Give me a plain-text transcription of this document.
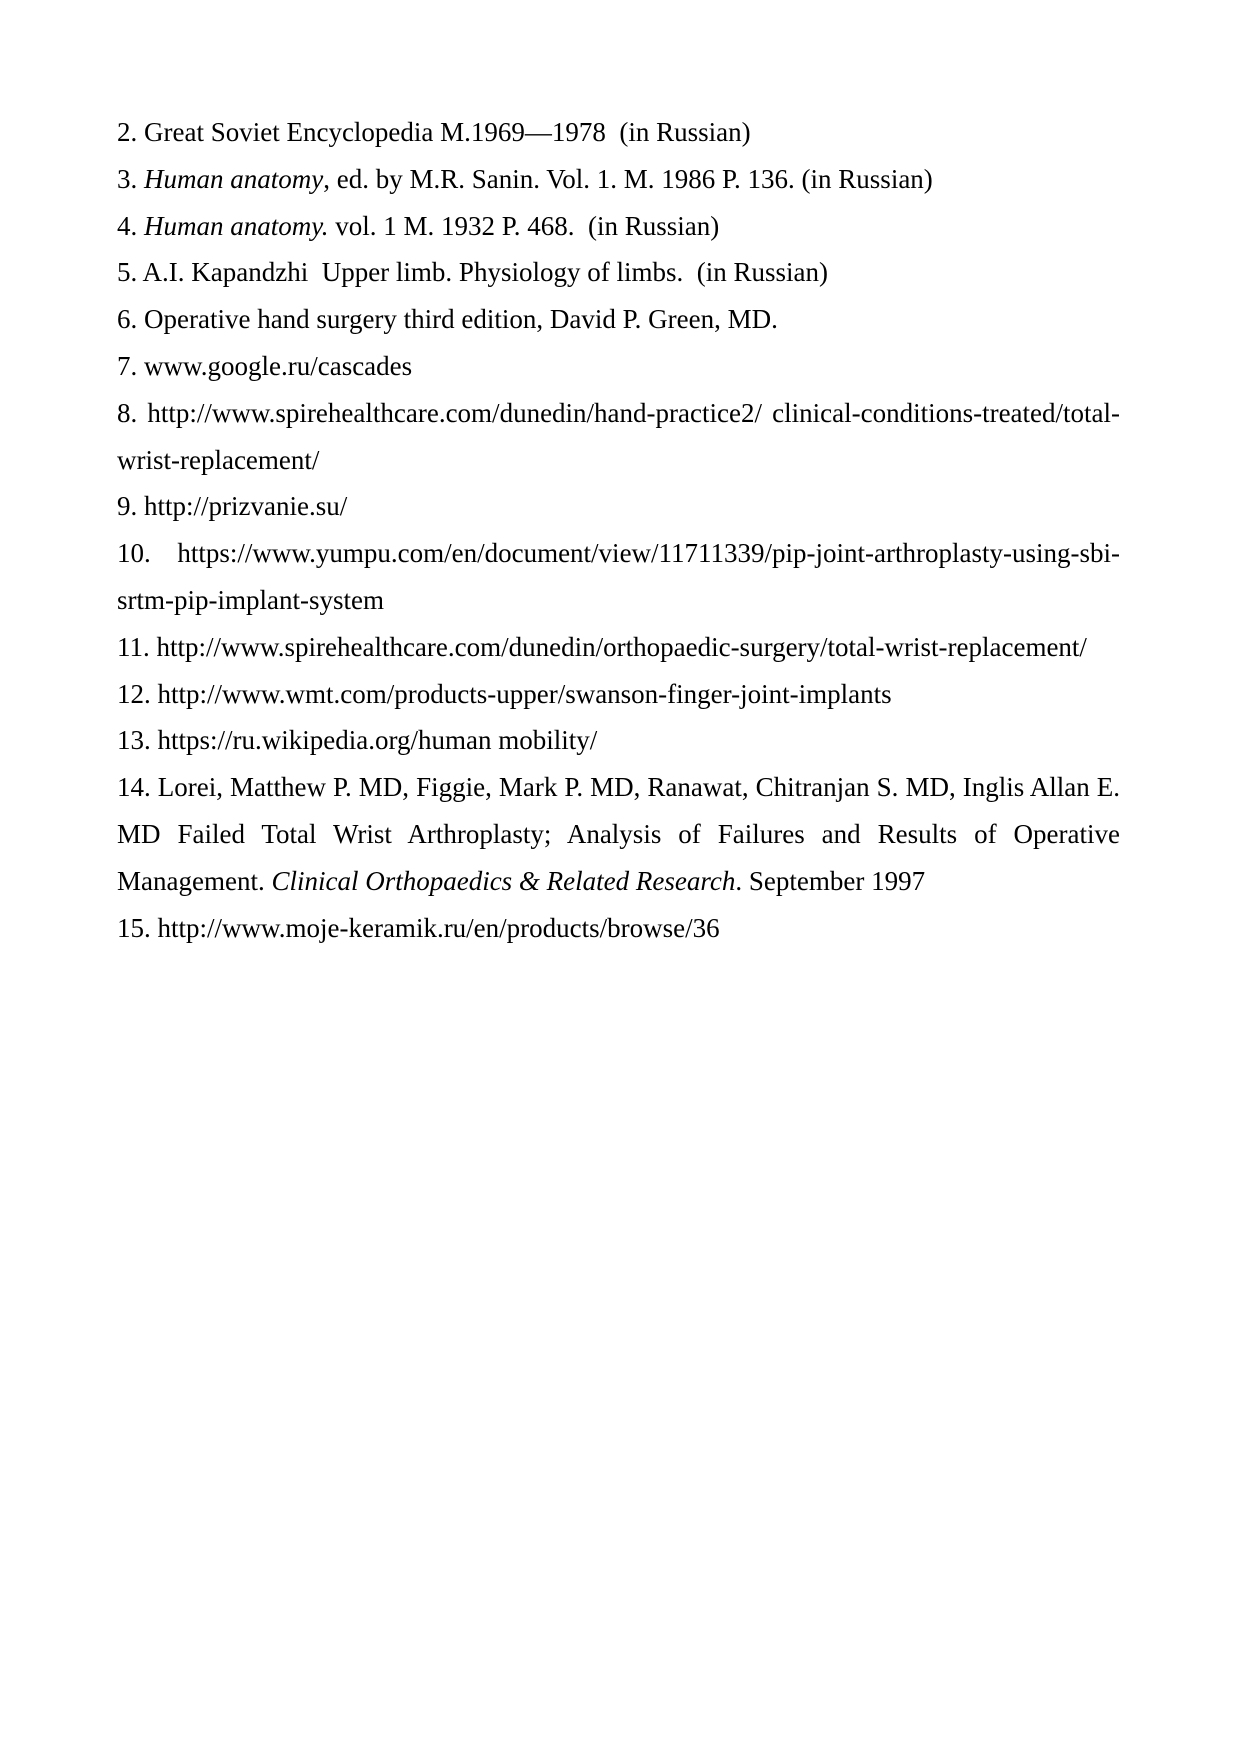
2. Great Soviet Encyclopedia M.1969—1978  (in Russian)
3. Human anatomy, ed. by M.R. Sanin. Vol. 1. M. 1986 P. 136. (in Russian)
4. Human anatomy. vol. 1 M. 1932 P. 468.  (in Russian)
5. A.I. Kapandzhi  Upper limb. Physiology of limbs.  (in Russian)
6. Operative hand surgery third edition, David P. Green, MD.
7. www.google.ru/cascades
8. http://www.spirehealthcare.com/dunedin/hand-practice2/ clinical-conditions-treated/total-
wrist-replacement/
9. http://prizvanie.su/
10. https://www.yumpu.com/en/document/view/11711339/pip-joint-arthroplasty-using-sbi-
srtm-pip-implant-system
11. http://www.spirehealthcare.com/dunedin/orthopaedic-surgery/total-wrist-replacement/
12. http://www.wmt.com/products-upper/swanson-finger-joint-implants
13. https://ru.wikipedia.org/human mobility/
14. Lorei, Matthew P. MD, Figgie, Mark P. MD, Ranawat, Chitranjan S. MD, Inglis Allan E.
MD Failed Total Wrist Arthroplasty; Analysis of Failures and Results of Operative
Management. Clinical Orthopaedics & Related Research. September 1997
15. http://www.moje-keramik.ru/en/products/browse/36
